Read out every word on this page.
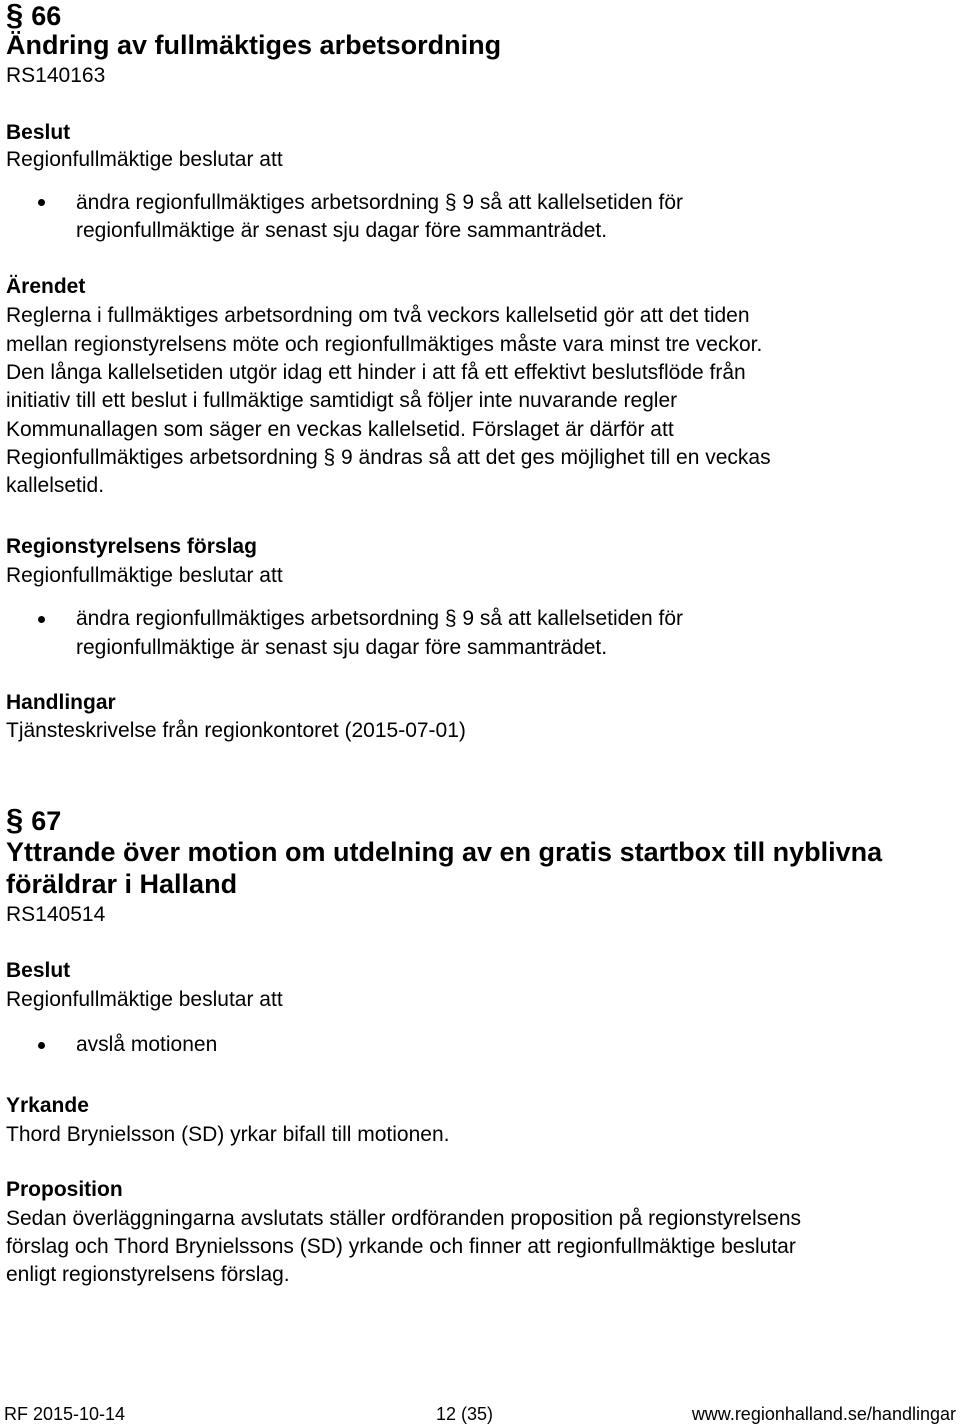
§ 66
Ändring av fullmäktiges arbetsordning
RS140163
Beslut
Regionfullmäktige beslutar att
ändra regionfullmäktiges arbetsordning § 9 så att kallelsetiden för
regionfullmäktige är senast sju dagar före sammanträdet.
Ärendet
Reglerna i fullmäktiges arbetsordning om två veckors kallelsetid gör att det tiden
mellan regionstyrelsens möte och regionfullmäktiges måste vara minst tre veckor.
Den långa kallelsetiden utgör idag ett hinder i att få ett effektivt beslutsflöde från
initiativ till ett beslut i fullmäktige samtidigt så följer inte nuvarande regler
Kommunallagen som säger en veckas kallelsetid. Förslaget är därför att
Regionfullmäktiges arbetsordning § 9 ändras så att det ges möjlighet till en veckas
kallelsetid.
Regionstyrelsens förslag
Regionfullmäktige beslutar att
ändra regionfullmäktiges arbetsordning § 9 så att kallelsetiden för
regionfullmäktige är senast sju dagar före sammanträdet.
Handlingar
Tjänsteskrivelse från regionkontoret (2015-07-01)
§ 67
Yttrande över motion om utdelning av en gratis startbox till nyblivna
föräldrar i Halland
RS140514
Beslut
Regionfullmäktige beslutar att
avslå motionen
Yrkande
Thord Brynielsson (SD) yrkar bifall till motionen.
Proposition
Sedan överläggningarna avslutats ställer ordföranden proposition på regionstyrelsens
förslag och Thord Brynielssons (SD) yrkande och finner att regionfullmäktige beslutar
enligt regionstyrelsens förslag.
RF 2015-10-14	12 (35)	www.regionhalland.se/handlingar
